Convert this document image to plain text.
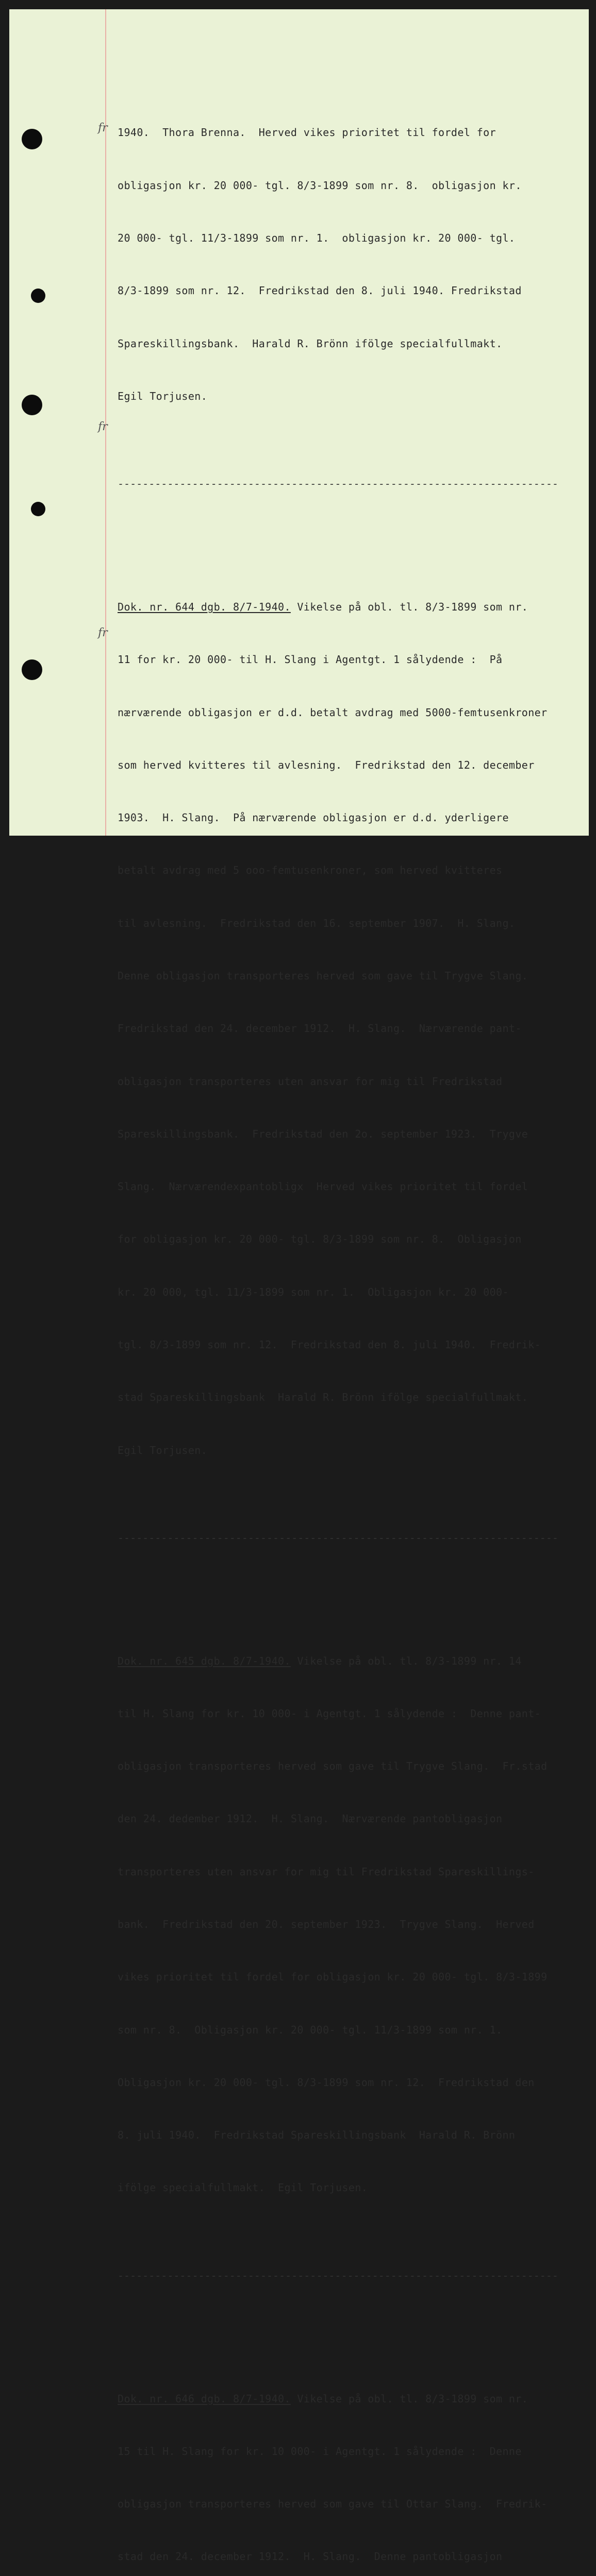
fr
fr
fr

1940.  Thora Brenna.  Herved vikes prioritet til fordel for

obligasjon kr. 20 000- tgl. 8/3-1899 som nr. 8.  obligasjon kr.

20 000- tgl. 11/3-1899 som nr. 1.  obligasjon kr. 20 000- tgl.

8/3-1899 som nr. 12.  Fredrikstad den 8. juli 1940. Fredrikstad

Spareskillingsbank.  Harald R. Brönn ifölge specialfullmakt.

Egil Torjusen.

-----------------------------------------------------------------------

Dok. nr. 644 dgb. 8/7-1940. Vikelse på obl. tl. 8/3-1899 som nr.

11 for kr. 20 000- til H. Slang i Agentgt. 1 sålydende :  På

nærværende obligasjon er d.d. betalt avdrag med 5000-femtusenkroner

som herved kvitteres til avlesning.  Fredrikstad den 12. december

1903.  H. Slang.  På nærværende obligasjon er d.d. yderligere

betalt avdrag med 5 ooo-femtusenkroner, som herved kvitteres

til avlesning.  Fredrikstad den 16. september 1907.  H. Slang.

Denne obligasjon transporteres herved som gave til Trygve Slang.

Fredrikstad den 24. december 1912.  H. Slang.  Nærværende pant-

obligasjon transporteres uten ansvar for mig til Fredrikstad

Spareskillingsbank.  Fredrikstad den 2o. september 1923.  Trygve

Slang.  Nærværendexpantobligx  Herved vikes prioritet til fordel

for obligasjon kr. 20 000- tgl. 8/3-1899 som nr. 8.  Obligasjon

kr. 20 000, tgl. 11/3-1899 som nr. 1.  Obligasjon kr. 20 000-

tgl. 8/3-1899 som nr. 12.  Fredrikstad den 8. juli 1940.  Fredrik-

stad Spareskillingsbank  Harald R. Brönn ifölge specialfullmakt.

Egil Torjusen.

-----------------------------------------------------------------------

Dok. nr. 645 dgb. 8/7-1940. Vikelse på obl. tl. 8/3-1899 nr. 14

til H. Slang for kr. 10 000- i Agentgt. 1 sålydende :  Denne pant-

obligasjon transporteres herved som gave til Trygve Slang.  Fr.stad

den 24. dedember 1912.  H. Slang.  Nærværende pantobligasjon

transporteres uten ansvar for mig til Fredrikstad Spareskillings-

bank.  Fredrikstad den 20. september 1923.  Trygve Slang.  Herved

vikes prioritet til fordel for obligasjon kr. 20 000- tgl. 8/3-1899

som nr. 8.  Obligasjon kr. 20 000- tgl. 11/3-1899 som nr. 1.

Obligasjon kr. 20 000- tgl. 8/3-1899 som nr. 12.  Fredrikstad den

8. juli 1940.  Fredrikstad Spareskillingsbank  Harald R. Brönn

ifölge specialfullmakt.  Egil Torjusen.

-----------------------------------------------------------------------

Dok. nr. 646 dgb. 8/7-1940. Vikelse på obl. tl. 8/3-1899 som nr.

15 til H. Slang for kr. 10 000- i Agentgt. 1 sålydende :  Denne

obligasjon transporteres herved som gave til Ottar Slang.  Fredrik-

stad den 24. december 1912.  H. Slang.  Denne pantobligasjon
